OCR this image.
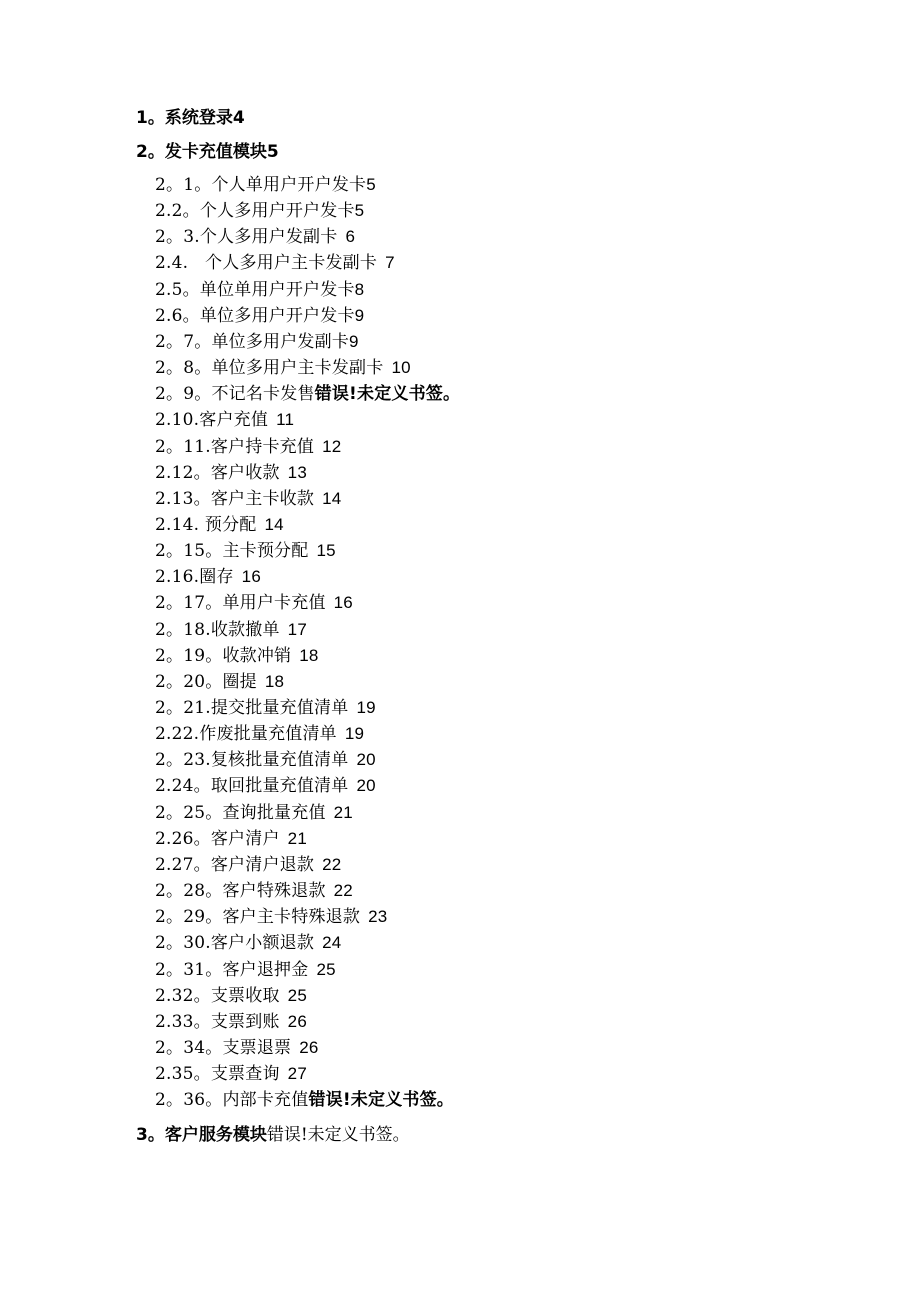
1。系统登录4
2。发卡充值模块5
2。1。个人单用户开户发卡5
2.2。个人多用户开户发卡5
2。3.个人多用户发副卡 6
2.4.   个人多用户主卡发副卡 7
2.5。单位单用户开户发卡8
2.6。单位多用户开户发卡9
2。7。单位多用户发副卡9
2。8。单位多用户主卡发副卡 10
2。9。不记名卡发售错误!未定义书签。
2.10.客户充值 11
2。11.客户持卡充值 12
2.12。客户收款 13
2.13。客户主卡收款 14
2.14. 预分配 14
2。15。主卡预分配 15
2.16.圈存 16
2。17。单用户卡充值 16
2。18.收款撤单 17
2。19。收款冲销 18
2。20。圈提 18
2。21.提交批量充值清单 19
2.22.作废批量充值清单 19
2。23.复核批量充值清单 20
2.24。取回批量充值清单 20
2。25。查询批量充值 21
2.26。客户清户 21
2.27。客户清户退款 22
2。28。客户特殊退款 22
2。29。客户主卡特殊退款 23
2。30.客户小额退款 24
2。31。客户退押金 25
2.32。支票收取 25
2.33。支票到账 26
2。34。支票退票 26
2.35。支票查询 27
2。36。内部卡充值错误!未定义书签。
3。客户服务模块错误!未定义书签。
